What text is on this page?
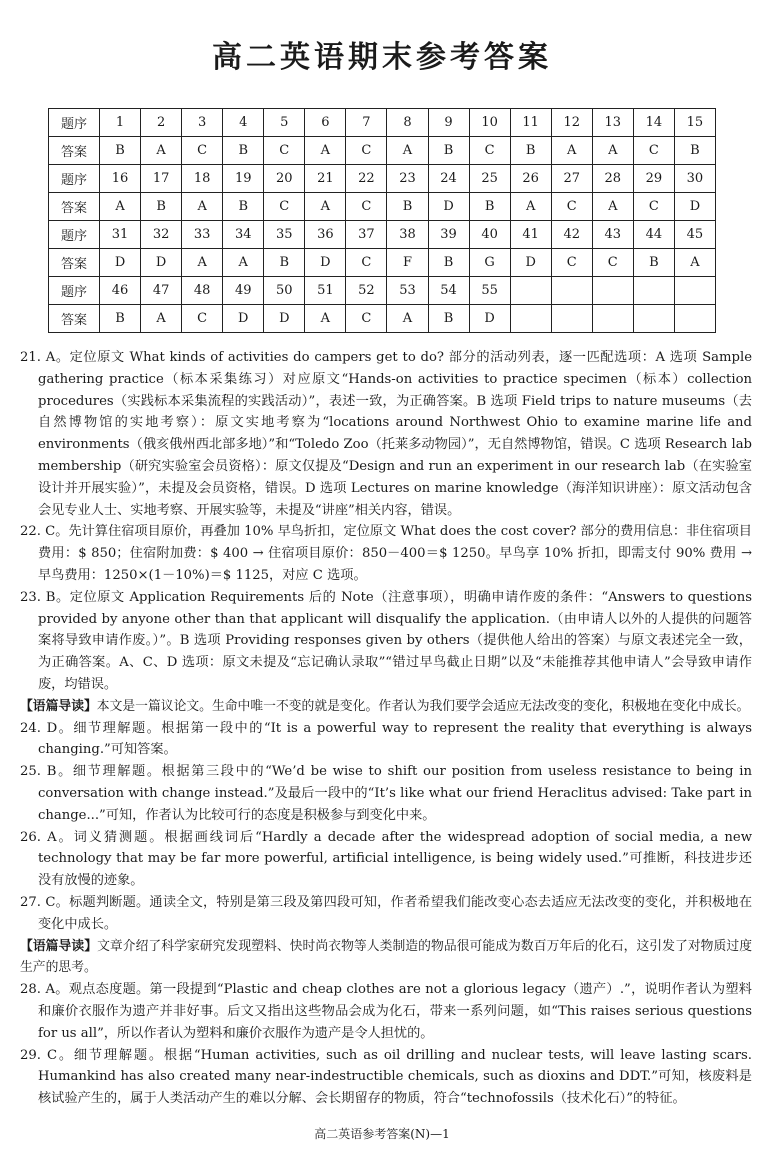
高二英语期末参考答案
题序	1	2	3	4	5	6	7	8	9	10	11	12	13	14	15
答案	B	A	C	B	C	A	C	A	B	C	B	A	A	C	B
题序	16	17	18	19	20	21	22	23	24	25	26	27	28	29	30
答案	A	B	A	B	C	A	C	B	D	B	A	C	A	C	D
题序	31	32	33	34	35	36	37	38	39	40	41	42	43	44	45
答案	D	D	A	A	B	D	C	F	B	G	D	C	C	B	A
题序	46	47	48	49	50	51	52	53	54	55					
答案	B	A	C	D	D	A	C	A	B	D					

21. A。定位原文 What kinds of activities do campers get to do? 部分的活动列表，逐一匹配选项：A 选项 Sample gathering practice（标本采集练习）对应原文“Hands-on activities to practice specimen（标本）collection procedures（实践标本采集流程的实践活动）”，表述一致，为正确答案。B 选项 Field trips to nature museums（去自然博物馆的实地考察）：原文实地考察为“locations around Northwest Ohio to examine marine life and environments（俄亥俄州西北部多地）”和“Toledo Zoo（托莱多动物园）”，无自然博物馆，错误。C 选项 Research lab membership（研究实验室会员资格）：原文仅提及“Design and run an experiment in our research lab（在实验室设计并开展实验）”，未提及会员资格，错误。D 选项 Lectures on marine knowledge（海洋知识讲座）：原文活动包含会见专业人士、实地考察、开展实验等，未提及“讲座”相关内容，错误。

22. C。先计算住宿项目原价，再叠加 10% 早鸟折扣，定位原文 What does the cost cover? 部分的费用信息：非住宿项目费用：$ 850；住宿附加费：$ 400 → 住宿项目原价：850－400＝$ 1250。早鸟享 10% 折扣，即需支付 90% 费用 → 早鸟费用：1250×(1－10%)＝$ 1125，对应 C 选项。

23. B。定位原文 Application Requirements 后的 Note（注意事项），明确申请作废的条件：“Answers to questions provided by anyone other than that applicant will disqualify the application.（由申请人以外的人提供的问题答案将导致申请作废。）”。B 选项 Providing responses given by others（提供他人给出的答案）与原文表述完全一致，为正确答案。A、C、D 选项：原文未提及“忘记确认录取”“错过早鸟截止日期”以及“未能推荐其他申请人”会导致申请作废，均错误。

【语篇导读】本文是一篇议论文。生命中唯一不变的就是变化。作者认为我们要学会适应无法改变的变化，积极地在变化中成长。

24. D。细节理解题。根据第一段中的“It is a powerful way to represent the reality that everything is always changing.”可知答案。

25. B。细节理解题。根据第三段中的“We’d be wise to shift our position from useless resistance to being in conversation with change instead.”及最后一段中的“It’s like what our friend Heraclitus advised: Take part in change...”可知，作者认为比较可行的态度是积极参与到变化中来。

26. A。词义猜测题。根据画线词后“Hardly a decade after the widespread adoption of social media, a new technology that may be far more powerful, artificial intelligence, is being widely used.”可推断，科技进步还没有放慢的迹象。

27. C。标题判断题。通读全文，特别是第三段及第四段可知，作者希望我们能改变心态去适应无法改变的变化，并积极地在变化中成长。

【语篇导读】文章介绍了科学家研究发现塑料、快时尚衣物等人类制造的物品很可能成为数百万年后的化石，这引发了对物质过度生产的思考。

28. A。观点态度题。第一段提到“Plastic and cheap clothes are not a glorious legacy（遗产）.”，说明作者认为塑料和廉价衣服作为遗产并非好事。后文又指出这些物品会成为化石，带来一系列问题，如“This raises serious questions for us all”，所以作者认为塑料和廉价衣服作为遗产是令人担忧的。

29. C。细节理解题。根据“Human activities, such as oil drilling and nuclear tests, will leave lasting scars. Humankind has also created many near-indestructible chemicals, such as dioxins and DDT.”可知，核废料是核试验产生的，属于人类活动产生的难以分解、会长期留存的物质，符合“technofossils（技术化石）”的特征。

高二英语参考答案(N)—1
